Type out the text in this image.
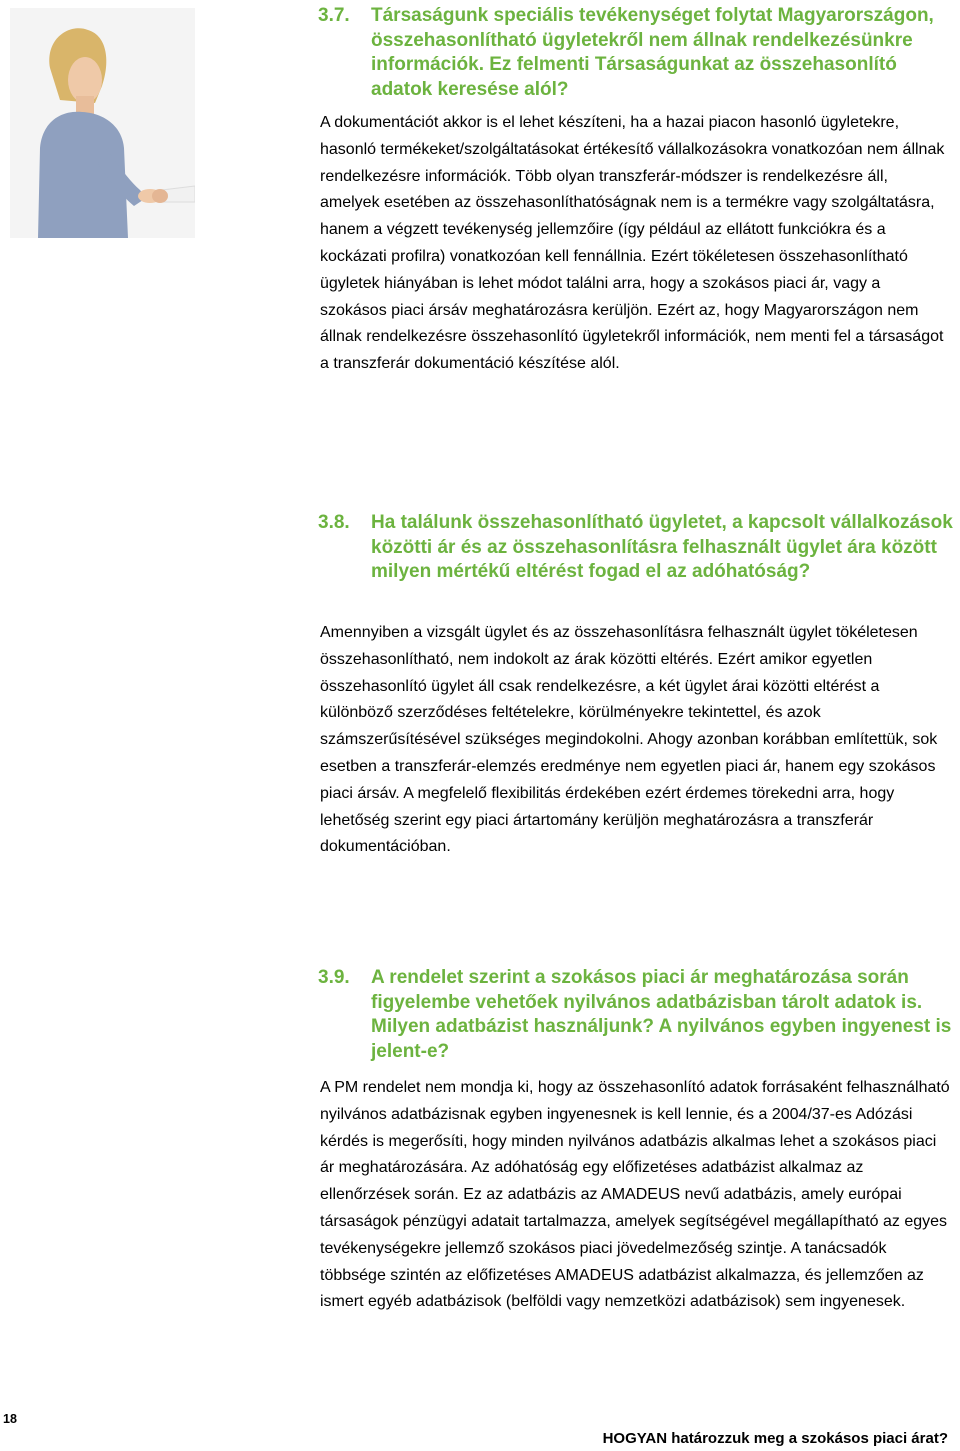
3.7.	Társaságunk speciális tevékenységet folytat Magyarországon, összehasonlítható ügyletekről nem állnak rendelkezésünkre információk. Ez felmenti Társaságunkat az összehasonlító adatok keresése alól?

A dokumentációt akkor is el lehet készíteni, ha a hazai piacon hasonló ügyletekre, hasonló termékeket/szolgáltatásokat értékesítő vállalkozásokra vonatkozóan nem állnak rendelkezésre információk. Több olyan transzferár-módszer is rendelkezésre áll, amelyek esetében az összehasonlíthatóságnak nem is a termékre vagy szolgáltatásra, hanem a végzett tevékenység jellemzőire (így például az ellátott funkciókra és a kockázati profilra) vonatkozóan kell fennállnia. Ezért tökéletesen összehasonlítható ügyletek hiányában is lehet módot találni arra, hogy a szokásos piaci ár, vagy a szokásos piaci ársáv meghatározásra kerüljön. Ezért az, hogy Magyarországon nem állnak rendelkezésre összehasonlító ügyletekről információk, nem menti fel a társaságot a transzferár dokumentáció készítése alól.

3.8.	Ha találunk összehasonlítható ügyletet, a kapcsolt vállalkozások közötti ár és az összehasonlításra felhasznált ügylet ára között milyen mértékű eltérést fogad el az adóhatóság?

Amennyiben a vizsgált ügylet és az összehasonlításra felhasznált ügylet tökéletesen összehasonlítható, nem indokolt az árak közötti eltérés. Ezért amikor egyetlen összehasonlító ügylet áll csak rendelkezésre, a két ügylet árai közötti eltérést a különböző szerződéses feltételekre, körülményekre tekintettel, és azok számszerűsítésével szükséges megindokolni. Ahogy azonban korábban említettük, sok esetben a transzferár-elemzés eredménye nem egyetlen piaci ár, hanem egy szokásos piaci ársáv. A megfelelő flexibilitás érdekében ezért érdemes törekedni arra, hogy lehetőség szerint egy piaci ártartomány kerüljön meghatározásra a transzferár dokumentációban.

3.9.	A rendelet szerint a szokásos piaci ár meghatározása során figyelembe vehetőek nyilvános adatbázisban tárolt adatok is. Milyen adatbázist használjunk? A nyilvános egyben ingyenest is jelent-e?

A PM rendelet nem mondja ki, hogy az összehasonlító adatok forrásaként felhasználható nyilvános adatbázisnak egyben ingyenesnek is kell lennie, és a 2004/37-es Adózási kérdés is megerősíti, hogy minden nyilvános adatbázis alkalmas lehet a szokásos piaci ár meghatározására. Az adóhatóság egy előfizetéses adatbázist alkalmaz az ellenőrzések során. Ez az adatbázis az AMADEUS nevű adatbázis, amely európai társaságok pénzügyi adatait tartalmazza, amelyek segítségével megállapítható az egyes tevékenységekre jellemző szokásos piaci jövedelmezőség szintje. A tanácsadók többsége szintén az előfizetéses AMADEUS adatbázist alkalmazza, és jellemzően az ismert egyéb adatbázisok (belföldi vagy nemzetközi adatbázisok) sem ingyenesek.

18
HOGYAN határozzuk meg a szokásos piaci árat?
